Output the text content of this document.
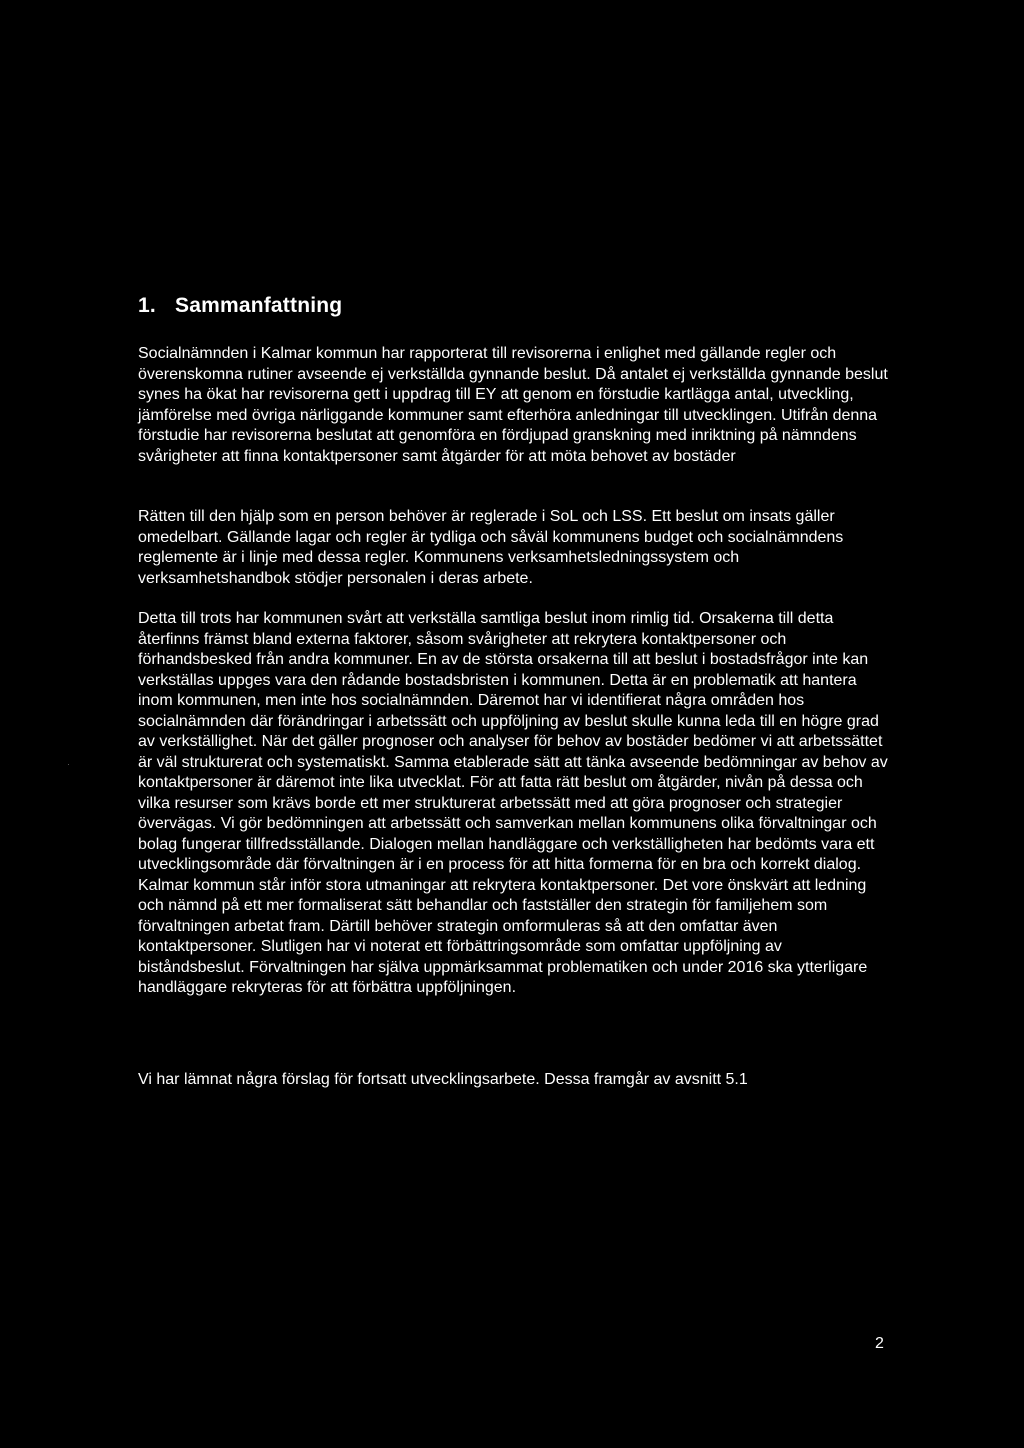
1. Sammanfattning

Socialnämnden i Kalmar kommun har rapporterat till revisorerna i enlighet med gällande regler och överenskomna rutiner avseende ej verkställda gynnande beslut. Då antalet ej verkställda gynnande beslut synes ha ökat har revisorerna gett i uppdrag till EY att genom en förstudie kartlägga antal, utveckling, jämförelse med övriga närliggande kommuner samt efterhöra anledningar till utvecklingen. Utifrån denna förstudie har revisorerna beslutat att genomföra en fördjupad granskning med inriktning på nämndens svårigheter att finna kontaktpersoner samt åtgärder för att möta behovet av bostäder

Rätten till den hjälp som en person behöver är reglerade i SoL och LSS. Ett beslut om insats gäller omedelbart. Gällande lagar och regler är tydliga och såväl kommunens budget och socialnämndens reglemente är i linje med dessa regler. Kommunens verksamhetsledningssystem och verksamhetshandbok stödjer personalen i deras arbete.

Detta till trots har kommunen svårt att verkställa samtliga beslut inom rimlig tid. Orsakerna till detta återfinns främst bland externa faktorer, såsom svårigheter att rekrytera kontaktpersoner och förhandsbesked från andra kommuner. En av de största orsakerna till att beslut i bostadsfrågor inte kan verkställas uppges vara den rådande bostadsbristen i kommunen. Detta är en problematik att hantera inom kommunen, men inte hos socialnämnden. Däremot har vi identifierat några områden hos socialnämnden där förändringar i arbetssätt och uppföljning av beslut skulle kunna leda till en högre grad av verkställighet. När det gäller prognoser och analyser för behov av bostäder bedömer vi att arbetssättet är väl strukturerat och systematiskt. Samma etablerade sätt att tänka avseende bedömningar av behov av kontaktpersoner är däremot inte lika utvecklat. För att fatta rätt beslut om åtgärder, nivån på dessa och vilka resurser som krävs borde ett mer strukturerat arbetssätt med att göra prognoser och strategier övervägas. Vi gör bedömningen att arbetssätt och samverkan mellan kommunens olika förvaltningar och bolag fungerar tillfredsställande. Dialogen mellan handläggare och verkställigheten har bedömts vara ett utvecklingsområde där förvaltningen är i en process för att hitta formerna för en bra och korrekt dialog. Kalmar kommun står inför stora utmaningar att rekrytera kontaktpersoner. Det vore önskvärt att ledning och nämnd på ett mer formaliserat sätt behandlar och fastställer den strategin för familjehem som förvaltningen arbetat fram. Därtill behöver strategin omformuleras så att den omfattar även kontaktpersoner. Slutligen har vi noterat ett förbättringsområde som omfattar uppföljning av biståndsbeslut. Förvaltningen har själva uppmärksammat problematiken och under 2016 ska ytterligare handläggare rekryteras för att förbättra uppföljningen.

Vi har lämnat några förslag för fortsatt utvecklingsarbete. Dessa framgår av avsnitt 5.1

2
